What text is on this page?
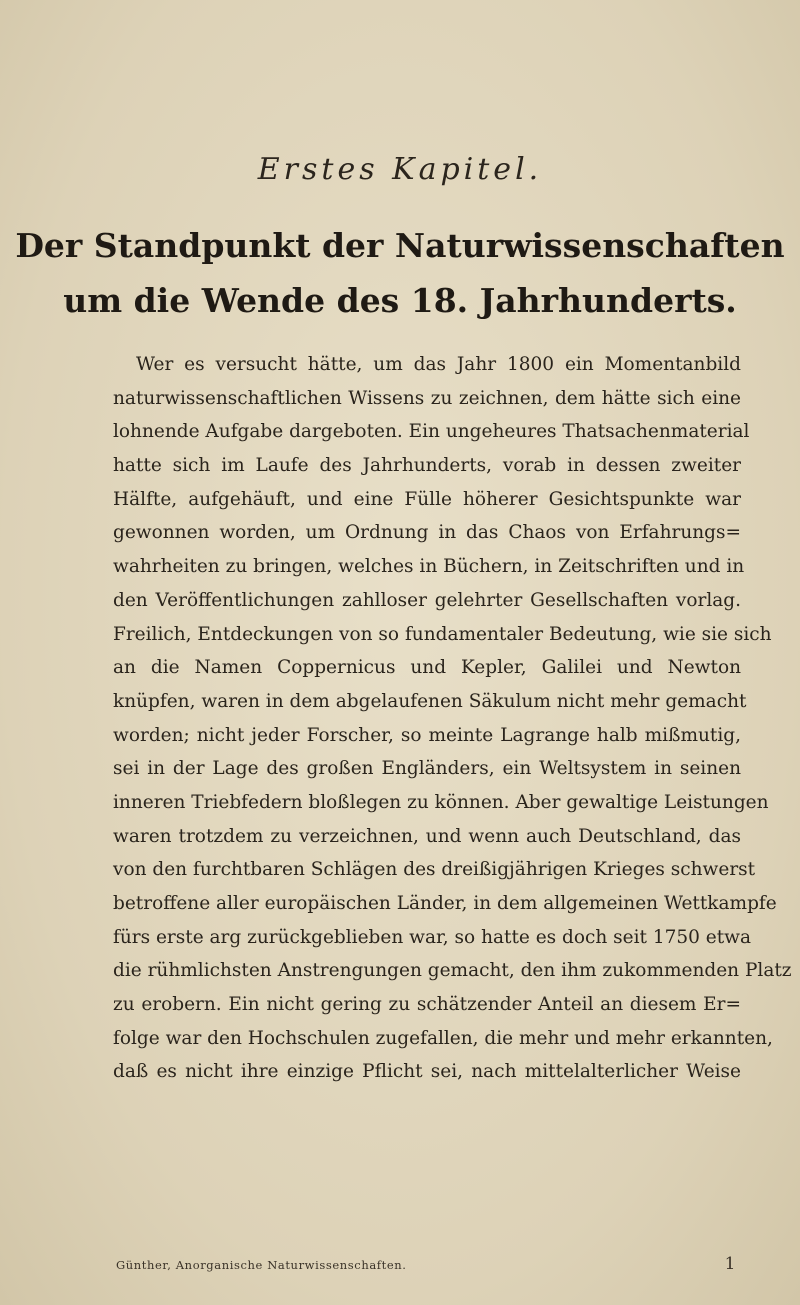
Erstes Kapitel.
Der Standpunkt der Naturwissenschaften
um die Wende des 18. Jahrhunderts.
Wer es versucht hätte, um das Jahr 1800 ein Momentanbild
naturwissenschaftlichen Wissens zu zeichnen, dem hätte sich eine
lohnende Aufgabe dargeboten. Ein ungeheures Thatsachenmaterial
hatte sich im Laufe des Jahrhunderts, vorab in dessen zweiter
Hälfte, aufgehäuft, und eine Fülle höherer Gesichtspunkte war
gewonnen worden, um Ordnung in das Chaos von Erfahrungs=
wahrheiten zu bringen, welches in Büchern, in Zeitschriften und in
den Veröffentlichungen zahlloser gelehrter Gesellschaften vorlag.
Freilich, Entdeckungen von so fundamentaler Bedeutung, wie sie sich
an die Namen Coppernicus und Kepler, Galilei und Newton
knüpfen, waren in dem abgelaufenen Säkulum nicht mehr gemacht
worden; nicht jeder Forscher, so meinte Lagrange halb mißmutig,
sei in der Lage des großen Engländers, ein Weltsystem in seinen
inneren Triebfedern bloßlegen zu können. Aber gewaltige Leistungen
waren trotzdem zu verzeichnen, und wenn auch Deutschland, das
von den furchtbaren Schlägen des dreißigjährigen Krieges schwerst
betroffene aller europäischen Länder, in dem allgemeinen Wettkampfe
fürs erste arg zurückgeblieben war, so hatte es doch seit 1750 etwa
die rühmlichsten Anstrengungen gemacht, den ihm zukommenden Platz
zu erobern. Ein nicht gering zu schätzender Anteil an diesem Er=
folge war den Hochschulen zugefallen, die mehr und mehr erkannten,
daß es nicht ihre einzige Pflicht sei, nach mittelalterlicher Weise
Günther, Anorganische Naturwissenschaften.	1
